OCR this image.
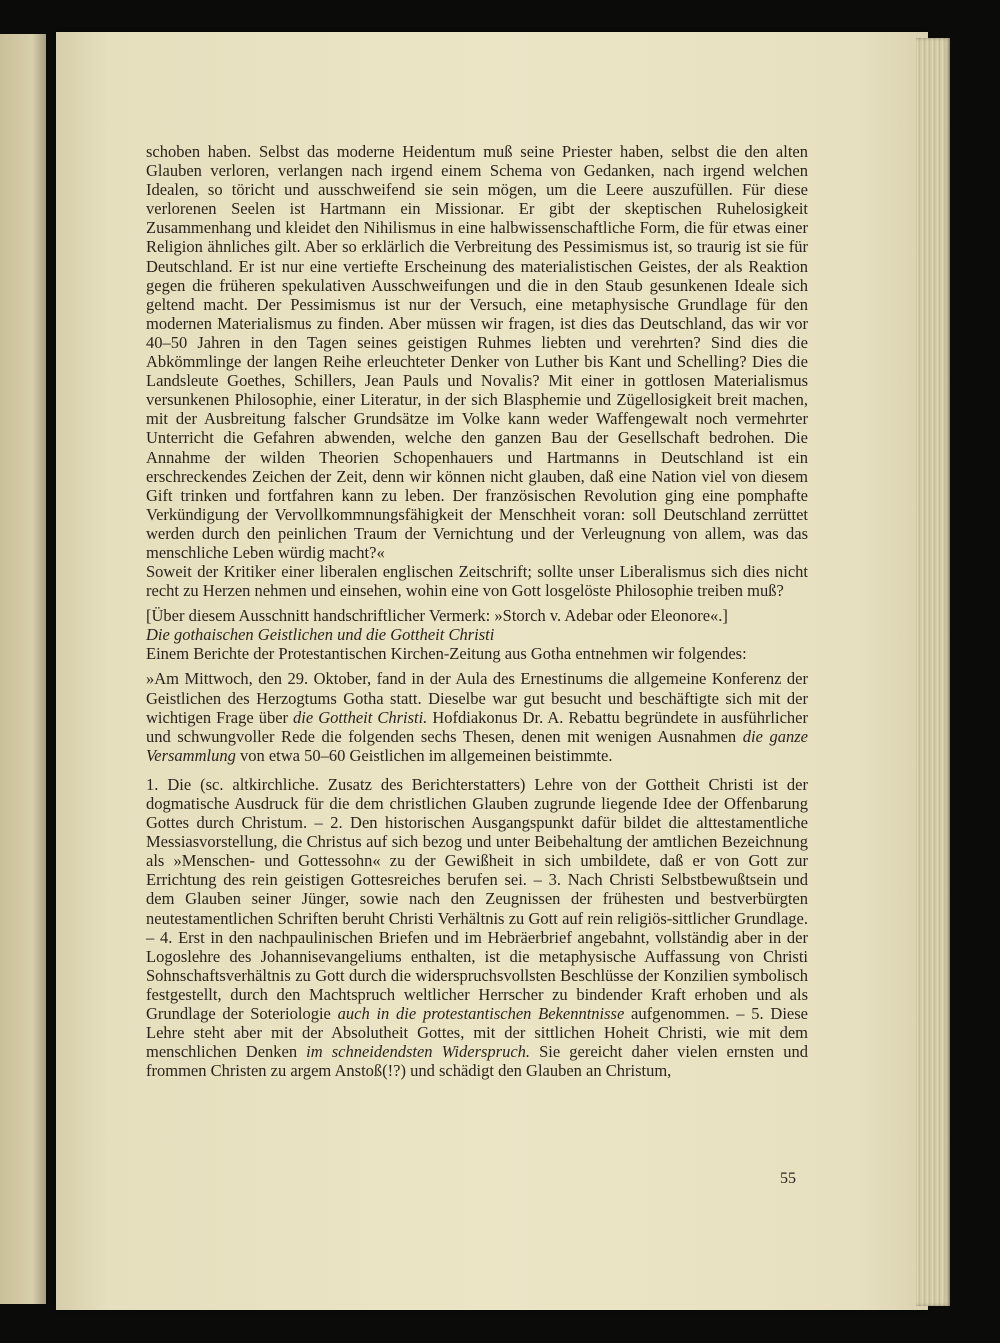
schoben haben. Selbst das moderne Heidentum muß seine Priester haben, selbst die den alten Glauben verloren, verlangen nach irgend einem Schema von Gedanken, nach irgend welchen Idealen, so töricht und ausschweifend sie sein mögen, um die Leere auszufüllen. Für diese verlorenen Seelen ist Hartmann ein Missionar. Er gibt der skeptischen Ruhelosigkeit Zusammenhang und kleidet den Nihilismus in eine halbwissenschaftliche Form, die für etwas einer Religion ähnliches gilt. Aber so erklärlich die Verbreitung des Pessimismus ist, so traurig ist sie für Deutschland. Er ist nur eine vertiefte Erscheinung des materialistischen Geistes, der als Reaktion gegen die früheren spekulativen Ausschweifungen und die in den Staub gesunkenen Ideale sich geltend macht. Der Pessimismus ist nur der Versuch, eine metaphysische Grundlage für den modernen Materialismus zu finden. Aber müssen wir fragen, ist dies das Deutschland, das wir vor 40–50 Jahren in den Tagen seines geistigen Ruhmes liebten und verehrten? Sind dies die Abkömmlinge der langen Reihe erleuchteter Denker von Luther bis Kant und Schelling? Dies die Landsleute Goethes, Schillers, Jean Pauls und Novalis? Mit einer in gottlosen Materialismus versunkenen Philosophie, einer Literatur, in der sich Blasphemie und Zügellosigkeit breit machen, mit der Ausbreitung falscher Grundsätze im Volke kann weder Waffengewalt noch vermehrter Unterricht die Gefahren abwenden, welche den ganzen Bau der Gesellschaft bedrohen. Die Annahme der wilden Theorien Schopenhauers und Hartmanns in Deutschland ist ein erschreckendes Zeichen der Zeit, denn wir können nicht glauben, daß eine Nation viel von diesem Gift trinken und fortfahren kann zu leben. Der französischen Revolution ging eine pomphafte Verkündigung der Vervollkommnungsfähigkeit der Menschheit voran: soll Deutschland zerrüttet werden durch den peinlichen Traum der Vernichtung und der Verleugnung von allem, was das menschliche Leben würdig macht?«

Soweit der Kritiker einer liberalen englischen Zeitschrift; sollte unser Liberalismus sich dies nicht recht zu Herzen nehmen und einsehen, wohin eine von Gott losgelöste Philosophie treiben muß?

[Über diesem Ausschnitt handschriftlicher Vermerk: »Storch v. Adebar oder Eleonore«.]

Die gothaischen Geistlichen und die Gottheit Christi

Einem Berichte der Protestantischen Kirchen-Zeitung aus Gotha entnehmen wir folgendes:

»Am Mittwoch, den 29. Oktober, fand in der Aula des Ernestinums die allgemeine Konferenz der Geistlichen des Herzogtums Gotha statt. Dieselbe war gut besucht und beschäftigte sich mit der wichtigen Frage über die Gottheit Christi. Hofdiakonus Dr. A. Rebattu begründete in ausführlicher und schwungvoller Rede die folgenden sechs Thesen, denen mit wenigen Ausnahmen die ganze Versammlung von etwa 50–60 Geistlichen im allgemeinen beistimmte.

1. Die (sc. altkirchliche. Zusatz des Berichterstatters) Lehre von der Gottheit Christi ist der dogmatische Ausdruck für die dem christlichen Glauben zugrunde liegende Idee der Offenbarung Gottes durch Christum. – 2. Den historischen Ausgangspunkt dafür bildet die alttestamentliche Messiasvorstellung, die Christus auf sich bezog und unter Beibehaltung der amtlichen Bezeichnung als »Menschen- und Gottessohn« zu der Gewißheit in sich umbildete, daß er von Gott zur Errichtung des rein geistigen Gottesreiches berufen sei. – 3. Nach Christi Selbstbewußtsein und dem Glauben seiner Jünger, sowie nach den Zeugnissen der frühesten und bestverbürgten neutestamentlichen Schriften beruht Christi Verhältnis zu Gott auf rein religiös-sittlicher Grundlage. – 4. Erst in den nachpaulinischen Briefen und im Hebräerbrief angebahnt, vollständig aber in der Logoslehre des Johannisevangeliums enthalten, ist die metaphysische Auffassung von Christi Sohnschaftsverhältnis zu Gott durch die widerspruchsvollsten Beschlüsse der Konzilien symbolisch festgestellt, durch den Machtspruch weltlicher Herrscher zu bindender Kraft erhoben und als Grundlage der Soteriologie auch in die protestantischen Bekenntnisse aufgenommen. – 5. Diese Lehre steht aber mit der Absolutheit Gottes, mit der sittlichen Hoheit Christi, wie mit dem menschlichen Denken im schneidendsten Widerspruch. Sie gereicht daher vielen ernsten und frommen Christen zu argem Anstoß(!?) und schädigt den Glauben an Christum,

55
